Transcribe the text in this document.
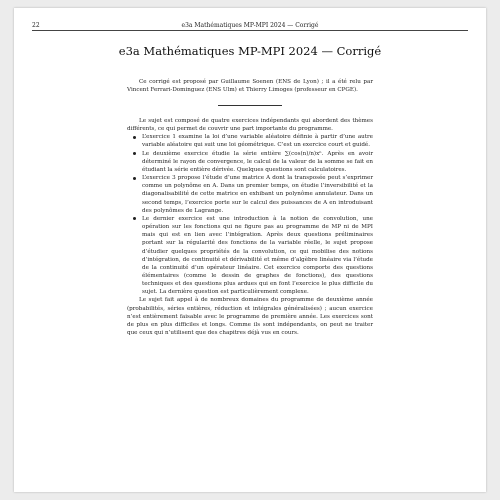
22	e3a Mathématiques MP-MPI 2024 — Corrigé
e3a Mathématiques MP-MPI 2024 — Corrigé
Ce corrigé est proposé par Guillaume Soenen (ENS de Lyon) ; il a été relu par Vincent Ferrari-Dominguez (ENS Ulm) et Thierry Limoges (professeur en CPGE).

Le sujet est composé de quatre exercices indépendants qui abordent des thèmes différents, ce qui permet de couvrir une part importante du programme.

L’exercice 1 examine la loi d’une variable aléatoire définie à partir d’une autre variable aléatoire qui suit une loi géométrique. C’est un exercice court et guidé.
Le deuxième exercice étudie la série entière ∑(cos(n)/n)xⁿ. Après en avoir déterminé le rayon de convergence, le calcul de la valeur de la somme se fait en étudiant la série entière dérivée. Quelques questions sont calculatoires.
L’exercice 3 propose l’étude d’une matrice A dont la transposée peut s’exprimer comme un polynôme en A. Dans un premier temps, on étudie l’inversibilité et la diagonalisabilité de cette matrice en exhibant un polynôme annulateur. Dans un second temps, l’exercice porte sur le calcul des puissances de A en introduisant des polynômes de Lagrange.
Le dernier exercice est une introduction à la notion de convolution, une opération sur les fonctions qui ne figure pas au programme de MP ni de MPI mais qui est en lien avec l’intégration. Après deux questions préliminaires portant sur la régularité des fonctions de la variable réelle, le sujet propose d’étudier quelques propriétés de la convolution, ce qui mobilise des notions d’intégration, de continuité et dérivabilité et même d’algèbre linéaire via l’étude de la continuité d’un opérateur linéaire. Cet exercice comporte des questions élémentaires (comme le dessin de graphes de fonctions), des questions techniques et des questions plus ardues qui en font l’exercice le plus difficile du sujet. La dernière question est particulièrement complexe.

Le sujet fait appel à de nombreux domaines du programme de deuxième année (probabilités, séries entières, réduction et intégrales généralisées) ; aucun exercice n’est entièrement faisable avec le programme de première année. Les exercices sont de plus en plus difficiles et longs. Comme ils sont indépendants, on peut ne traiter que ceux qui n’utilisent que des chapitres déjà vus en cours.
